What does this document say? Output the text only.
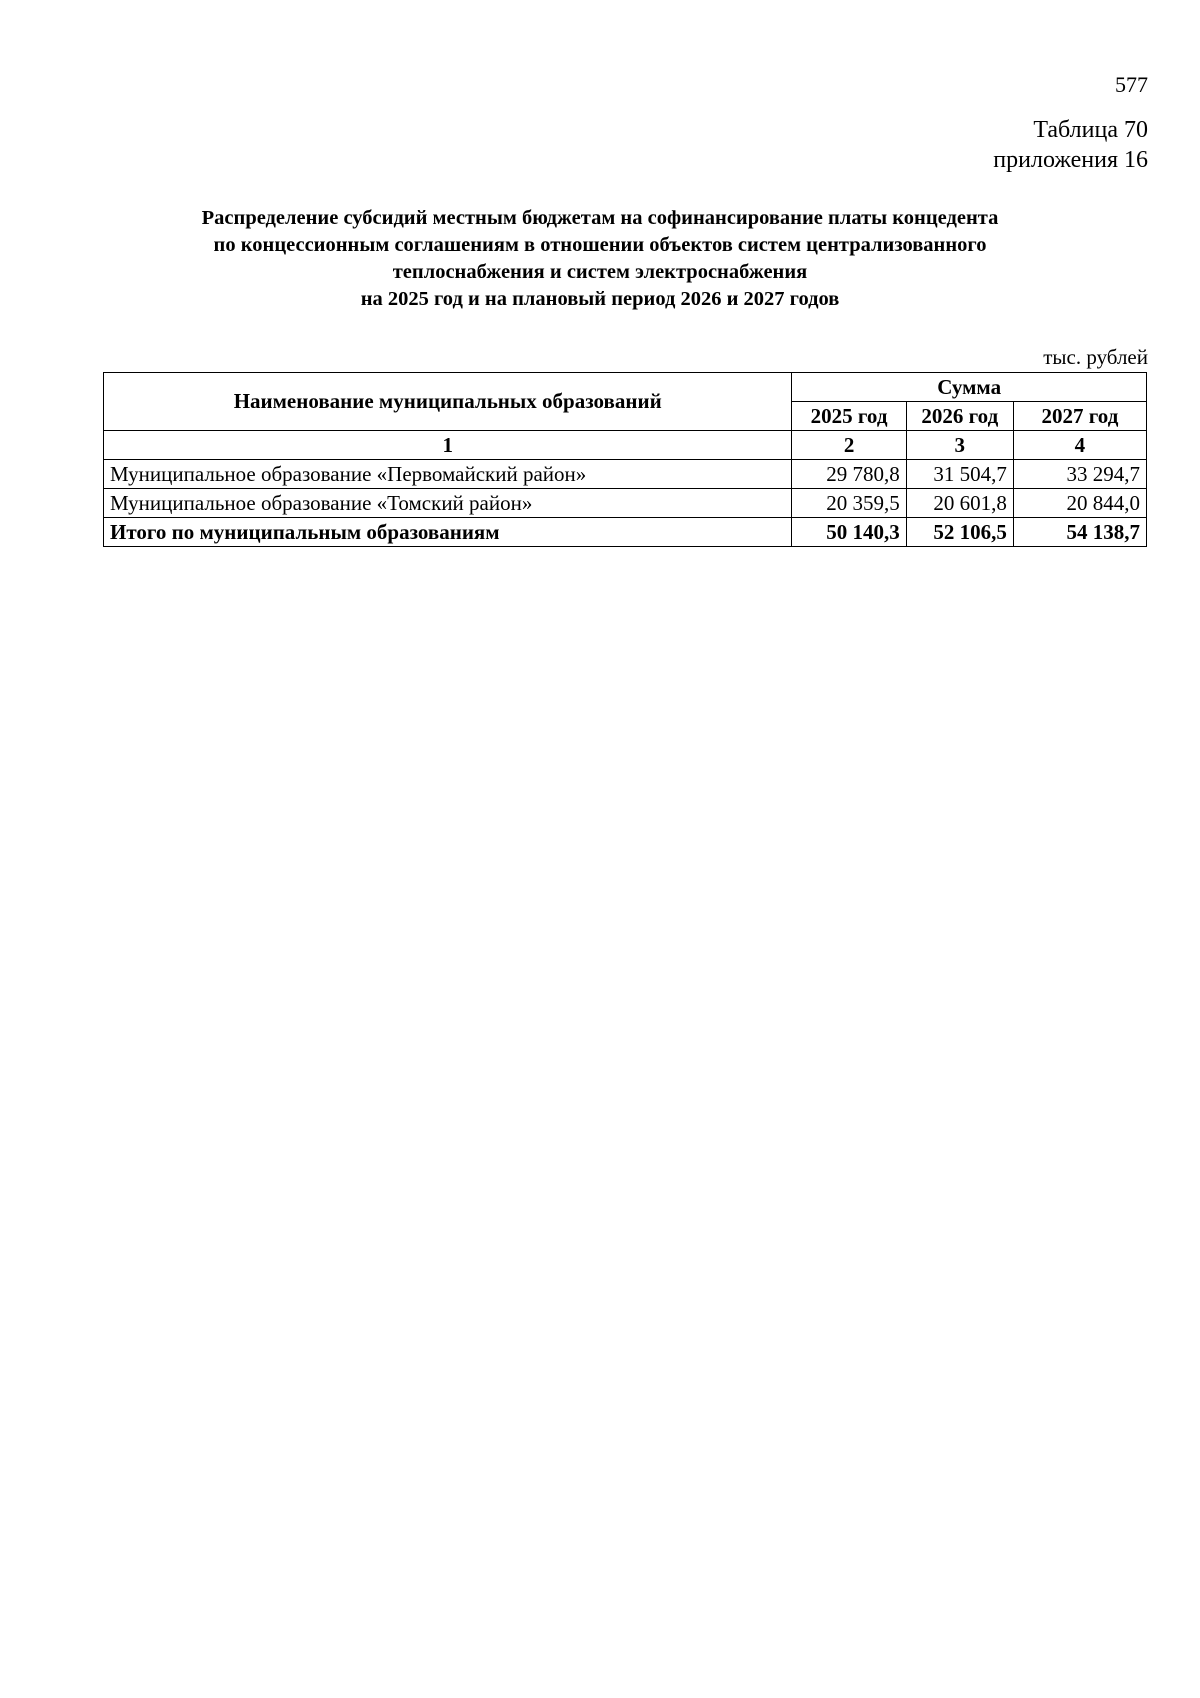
577
Таблица 70
приложения 16
Распределение субсидий местным бюджетам на софинансирование платы концедента
по концессионным соглашениям в отношении объектов систем централизованного
теплоснабжения и систем электроснабжения
на 2025 год и на плановый период 2026 и 2027 годов
тыс. рублей
Наименование муниципальных образований	Сумма		
	2025 год	2026 год	2027 год
1	2	3	4
Муниципальное образование «Первомайский район»	29 780,8	31 504,7	33 294,7
Муниципальное образование «Томский район»	20 359,5	20 601,8	20 844,0
Итого по муниципальным образованиям	50 140,3	52 106,5	54 138,7
